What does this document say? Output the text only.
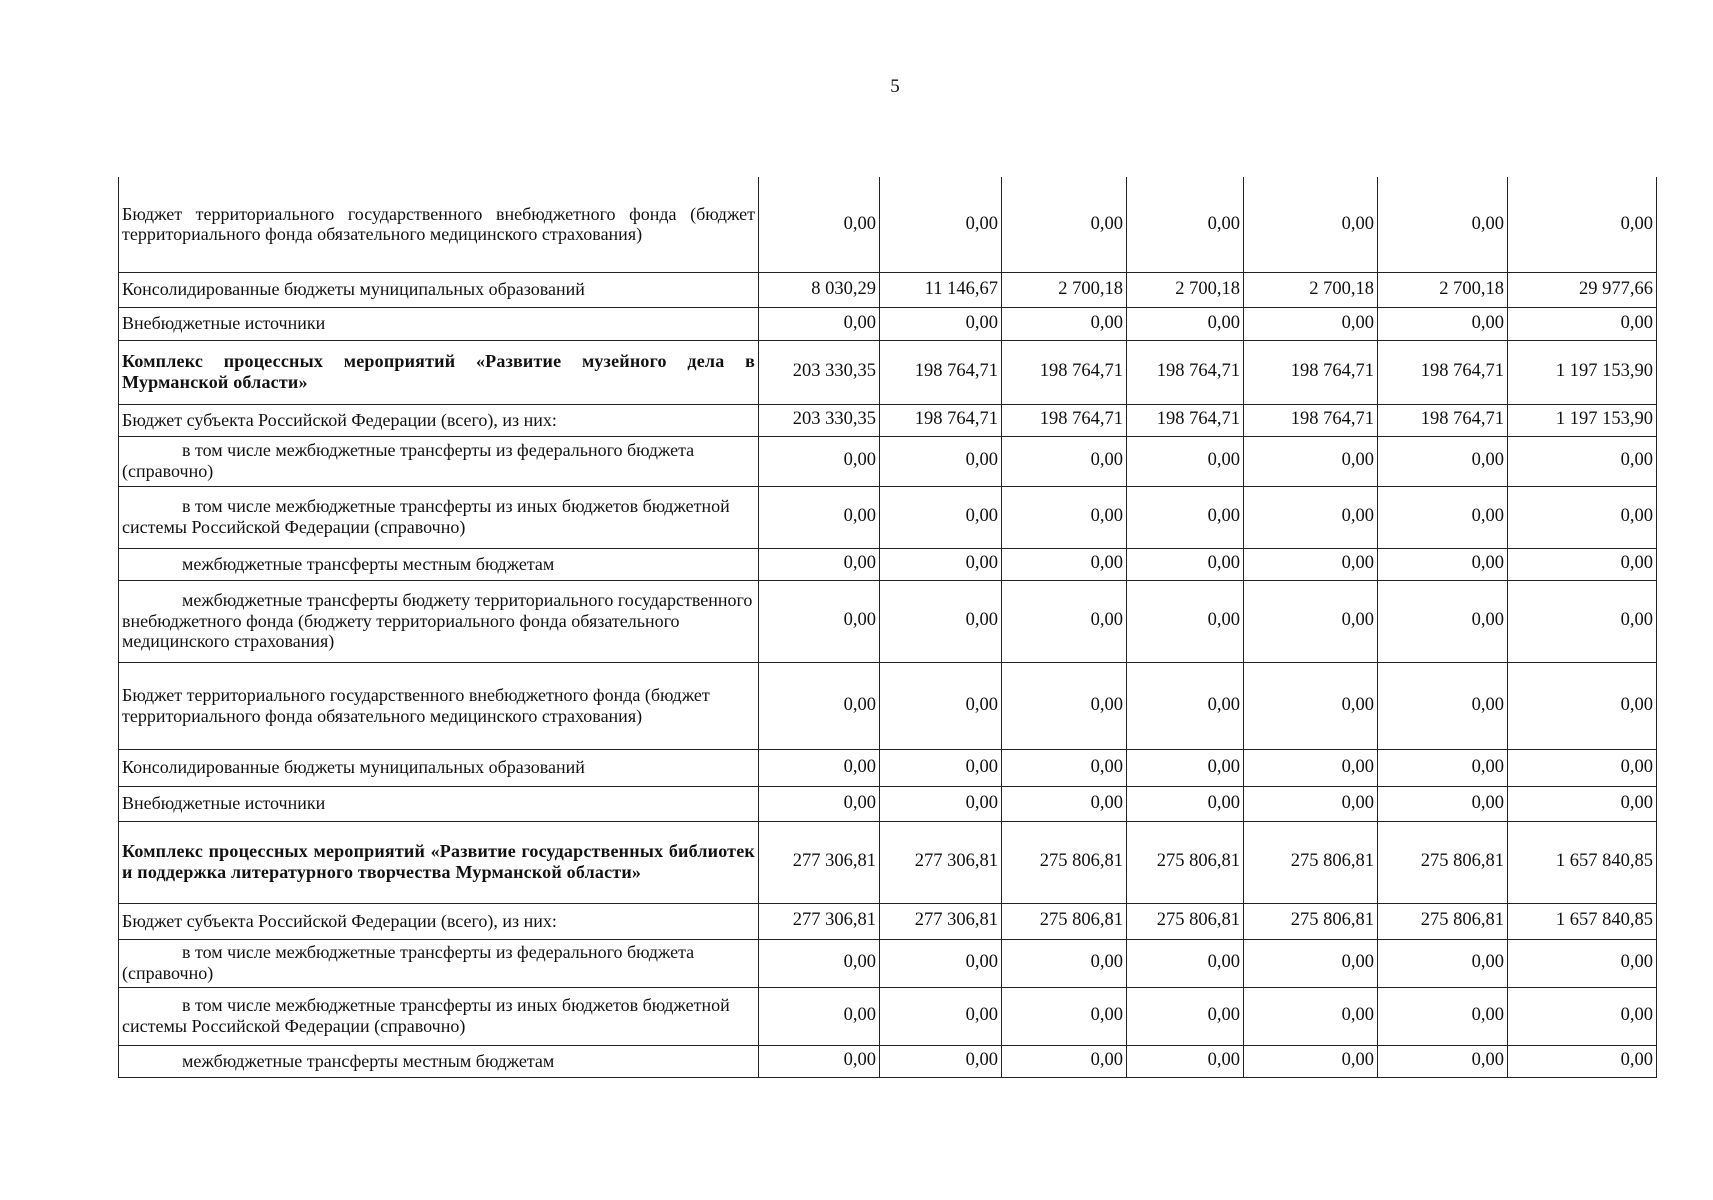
5
Бюджет территориального государственного внебюджетного фонда (бюджет территориального фонда обязательного медицинского страхования)	0,00	0,00	0,00	0,00	0,00	0,00	0,00
Консолидированные бюджеты муниципальных образований	8 030,29	11 146,67	2 700,18	2 700,18	2 700,18	2 700,18	29 977,66
Внебюджетные источники	0,00	0,00	0,00	0,00	0,00	0,00	0,00
Комплекс процессных мероприятий «Развитие музейного дела в Мурманской области»	203 330,35	198 764,71	198 764,71	198 764,71	198 764,71	198 764,71	1 197 153,90
Бюджет субъекта Российской Федерации (всего), из них:	203 330,35	198 764,71	198 764,71	198 764,71	198 764,71	198 764,71	1 197 153,90
в том числе межбюджетные трансферты из федерального бюджета (справочно)	0,00	0,00	0,00	0,00	0,00	0,00	0,00
в том числе межбюджетные трансферты из иных бюджетов бюджетной системы Российской Федерации (справочно)	0,00	0,00	0,00	0,00	0,00	0,00	0,00
межбюджетные трансферты местным бюджетам	0,00	0,00	0,00	0,00	0,00	0,00	0,00
межбюджетные трансферты бюджету территориального государственного внебюджетного фонда (бюджету территориального фонда обязательного медицинского страхования)	0,00	0,00	0,00	0,00	0,00	0,00	0,00
Бюджет территориального государственного внебюджетного фонда (бюджет территориального фонда обязательного медицинского страхования)	0,00	0,00	0,00	0,00	0,00	0,00	0,00
Консолидированные бюджеты муниципальных образований	0,00	0,00	0,00	0,00	0,00	0,00	0,00
Внебюджетные источники	0,00	0,00	0,00	0,00	0,00	0,00	0,00
Комплекс процессных мероприятий «Развитие государственных библиотек и поддержка литературного творчества Мурманской области»	277 306,81	277 306,81	275 806,81	275 806,81	275 806,81	275 806,81	1 657 840,85
Бюджет субъекта Российской Федерации (всего), из них:	277 306,81	277 306,81	275 806,81	275 806,81	275 806,81	275 806,81	1 657 840,85
в том числе межбюджетные трансферты из федерального бюджета (справочно)	0,00	0,00	0,00	0,00	0,00	0,00	0,00
в том числе межбюджетные трансферты из иных бюджетов бюджетной системы Российской Федерации (справочно)	0,00	0,00	0,00	0,00	0,00	0,00	0,00
межбюджетные трансферты местным бюджетам	0,00	0,00	0,00	0,00	0,00	0,00	0,00
